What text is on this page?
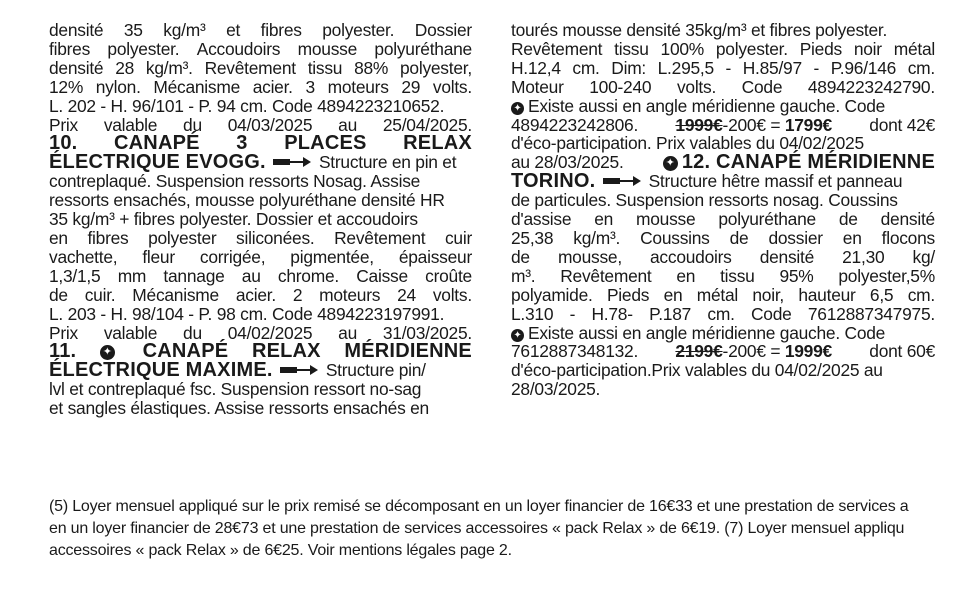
densité 35 kg/m³ et fibres polyester. Dossier

fibres polyester. Accoudoirs mousse polyuréthane

densité 28 kg/m³. Revêtement tissu 88% polyester,

12% nylon. Mécanisme acier. 3 moteurs 29 volts.

L. 202 - H. 96/101 - P. 94 cm. Code 4894223210652.

Prix valable du 04/03/2025 au 25/04/2025.

10. CANAPÉ 3 PLACES RELAX

ÉLECTRIQUE EVOGG.	Structure en pin et

contreplaqué. Suspension ressorts Nosag. Assise

ressorts ensachés, mousse polyuréthane densité HR

35 kg/m³ + fibres polyester. Dossier et accoudoirs

en fibres polyester siliconées. Revêtement cuir

vachette, fleur corrigée, pigmentée, épaisseur

1,3/1,5 mm tannage au chrome. Caisse croûte

de cuir. Mécanisme acier. 2 moteurs 24 volts.

L. 203 - H. 98/104 - P. 98 cm. Code 4894223197991.

Prix valable du 04/02/2025 au 31/03/2025.

11. ✦	CANAPÉ RELAX MÉRIDIENNE

ÉLECTRIQUE MAXIME.	Structure pin/

lvl et contreplaqué fsc. Suspension ressort no-sag

et sangles élastiques. Assise ressorts ensachés en

tourés mousse densité 35kg/m³ et fibres polyester.

Revêtement tissu 100% polyester. Pieds noir métal

H.12,4 cm. Dim: L.295,5 - H.85/97 - P.96/146 cm.

Moteur 100-240 volts. Code 4894223242790.

✦ Existe aussi en angle méridienne gauche. Code

4894223242806. 1999€-200€ = 1799€ dont 42€

d'éco-participation. Prix valables du 04/02/2025

au 28/03/2025.	✦ 12. CANAPÉ MÉRIDIENNE

TORINO.	Structure hêtre massif et panneau

de particules. Suspension ressorts nosag. Coussins

d'assise en mousse polyuréthane de densité

25,38 kg/m³. Coussins de dossier en flocons

de mousse, accoudoirs densité 21,30 kg/

m³. Revêtement en tissu 95% polyester,5%

polyamide. Pieds en métal noir, hauteur 6,5 cm.

L.310 - H.78- P.187 cm. Code 7612887347975.

✦ Existe aussi en angle méridienne gauche. Code

7612887348132. 2199€-200€ = 1999€ dont 60€

d'éco-participation.Prix valables du 04/02/2025 au

28/03/2025.

(5) Loyer mensuel appliqué sur le prix remisé se décomposant en un loyer financier de 16€33 et une prestation de services a

en un loyer financier de 28€73 et une prestation de services accessoires « pack Relax » de 6€19. (7) Loyer mensuel appliqu

accessoires « pack Relax » de 6€25. Voir mentions légales page 2.
